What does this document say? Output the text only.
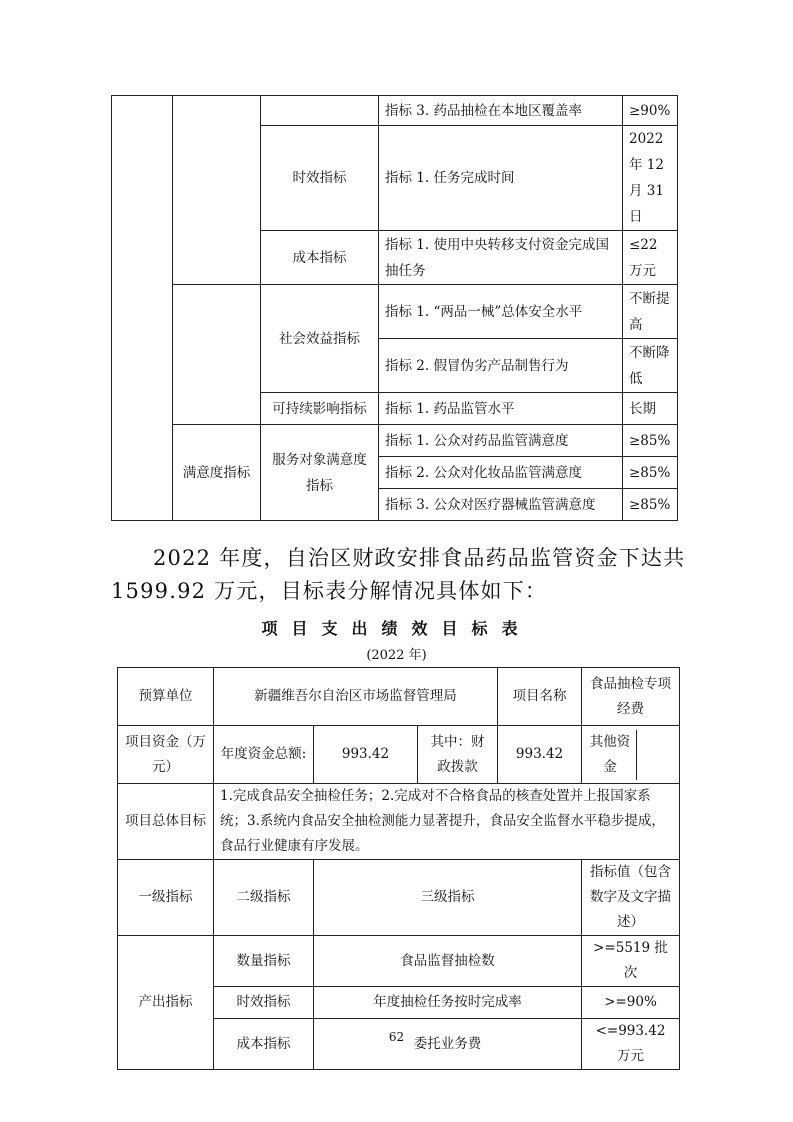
			指标 3. 药品抽检在本地区覆盖率	≥90%
		时效指标	指标 1. 任务完成时间	2022 年 12 月 31 日
		成本指标	指标 1. 使用中央转移支付资金完成国抽任务	≤22 万元
		社会效益指标	指标 1. “两品一械”总体安全水平	不断提高
			指标 2. 假冒伪劣产品制售行为	不断降低
		可持续影响指标	指标 1. 药品监管水平	长期
	满意度指标	服务对象满意度指标	指标 1. 公众对药品监管满意度	≥85%
			指标 2. 公众对化妆品监管满意度	≥85%
			指标 3. 公众对医疗器械监管满意度	≥85%
2022 年度，自治区财政安排食品药品监管资金下达共 1599.92 万元，目标表分解情况具体如下：
项目支出绩效目标表
(2022 年)
预算单位	新疆维吾尔自治区市场监督管理局			项目名称	食品抽检专项经费
项目资金（万元）	年度资金总额:	993.42	其中：财政拨款	993.42	其他资金

项目总体目标	1.完成食品安全抽检任务；2.完成对不合格食品的核查处置并上报国家系统；3.系统内食品安全抽检测能力显著提升，食品安全监督水平稳步提成，食品行业健康有序发展。				
一级指标	二级指标	三级指标			指标值（包含数字及文字描述）
产出指标	数量指标	食品监督抽检数			>=5519 批次
	时效指标	年度抽检任务按时完成率			>=90%
	成本指标	委托业务费			<=993.42 万元
62
